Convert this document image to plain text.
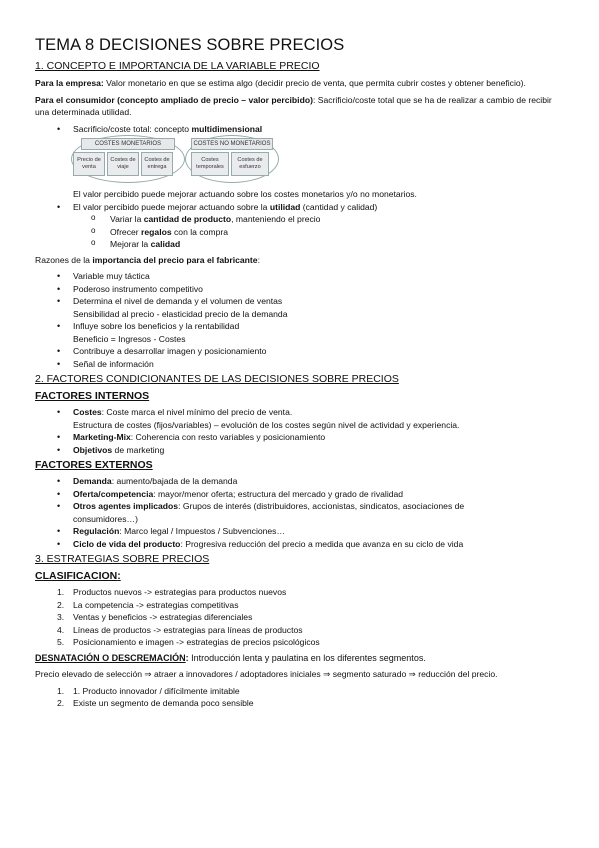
TEMA 8 DECISIONES SOBRE PRECIOS
1. CONCEPTO E IMPORTANCIA DE LA VARIABLE PRECIO

Para la empresa: Valor monetario en que se estima algo (decidir precio de venta, que permita cubrir costes y obtener beneficio).

Para el consumidor (concepto ampliado de precio – valor percibido): Sacrificio/coste total que se ha de realizar a cambio de recibir una determinada utilidad.

• Sacrificio/coste total: concepto multidimensional
COSTES MONETARIOS	COSTES NO MONETARIOS
Precio de venta
Costes de viaje
Costes de entrega
Costes temporales
Costes de esfuerzo
El valor percibido puede mejorar actuando sobre los costes monetarios y/o no monetarios.
• El valor percibido puede mejorar actuando sobre la utilidad (cantidad y calidad)
o Variar la cantidad de producto, manteniendo el precio
o Ofrecer regalos con la compra
o Mejorar la calidad

Razones de la importancia del precio para el fabricante:

• Variable muy táctica
• Poderoso instrumento competitivo
• Determina el nivel de demanda y el volumen de ventas
Sensibilidad al precio - elasticidad precio de la demanda
• Influye sobre los beneficios y la rentabilidad
Beneficio = Ingresos - Costes
• Contribuye a desarrollar imagen y posicionamiento
• Señal de información
2. FACTORES CONDICIONANTES DE LAS DECISIONES SOBRE PRECIOS
FACTORES INTERNOS
• Costes: Coste marca el nivel mínimo del precio de venta.
Estructura de costes (fijos/variables) – evolución de los costes según nivel de actividad y experiencia.
• Marketing-Mix: Coherencia con resto variables y posicionamiento
• Objetivos de marketing
FACTORES EXTERNOS
• Demanda: aumento/bajada de la demanda
• Oferta/competencia: mayor/menor oferta; estructura del mercado y grado de rivalidad
• Otros agentes implicados: Grupos de interés (distribuidores, accionistas, sindicatos, asociaciones de
consumidores…)
• Regulación: Marco legal / Impuestos / Subvenciones…
• Ciclo de vida del producto: Progresiva reducción del precio a medida que avanza en su ciclo de vida
3. ESTRATEGIAS SOBRE PRECIOS
CLASIFICACION:
1. Productos nuevos -> estrategias para productos nuevos
2. La competencia -> estrategias competitivas
3. Ventas y beneficios -> estrategias diferenciales
4. Líneas de productos -> estrategias para líneas de productos
5. Posicionamiento e imagen -> estrategias de precios psicológicos

DESNATACIÓN O DESCREMACIÓN: Introducción lenta y paulatina en los diferentes segmentos.

Precio elevado de selección ⇒ atraer a innovadores / adoptadores iniciales ⇒ segmento saturado ⇒ reducción del precio.

1. 1. Producto innovador / difícilmente imitable
2. Existe un segmento de demanda poco sensible
